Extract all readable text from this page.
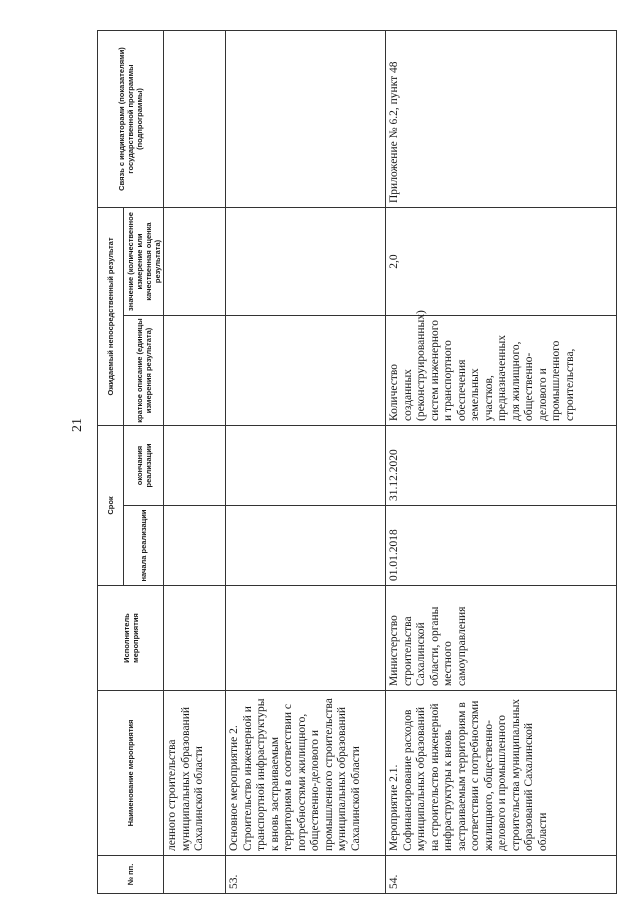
21
№ пп.	Наименование мероприятия	Исполнитель мероприятия	Срок		Ожидаемый непосредственный результат		Связь с индикаторами (показателями) государственной программы (подпрограммы)
			начала реализации	окончания реализации	краткое описание (единицы измерения результата)	значение (количественное измерение или качественная оценка результата)	
	ленного строительства муниципальных образований Сахалинской области						
53.	Основное мероприятие 2. Строительство инженерной и транспортной инфраструктуры к вновь застраиваемым территориям в соответствии с потребностями жилищного, общественно-делового и промышленного строительства муниципальных образований Сахалинской области						
54.	Мероприятие 2.1. Софинансирование расходов муниципальных образований на строительство инженерной инфраструктуры к вновь застраиваемым территориям в соответствии с потребностями жилищного, общественно-делового и промышленного строительства муниципальных образований Сахалинской области	Министерство строительства Сахалинской области, органы местного самоуправления	01.01.2018	31.12.2020	Количество созданных (реконструированных) систем инженерного и транспортного обеспечения земельных участков, предназначенных для жилищного, общественно-делового и промышленного строительства,	2,0	Приложение № 6.2, пункт 48
